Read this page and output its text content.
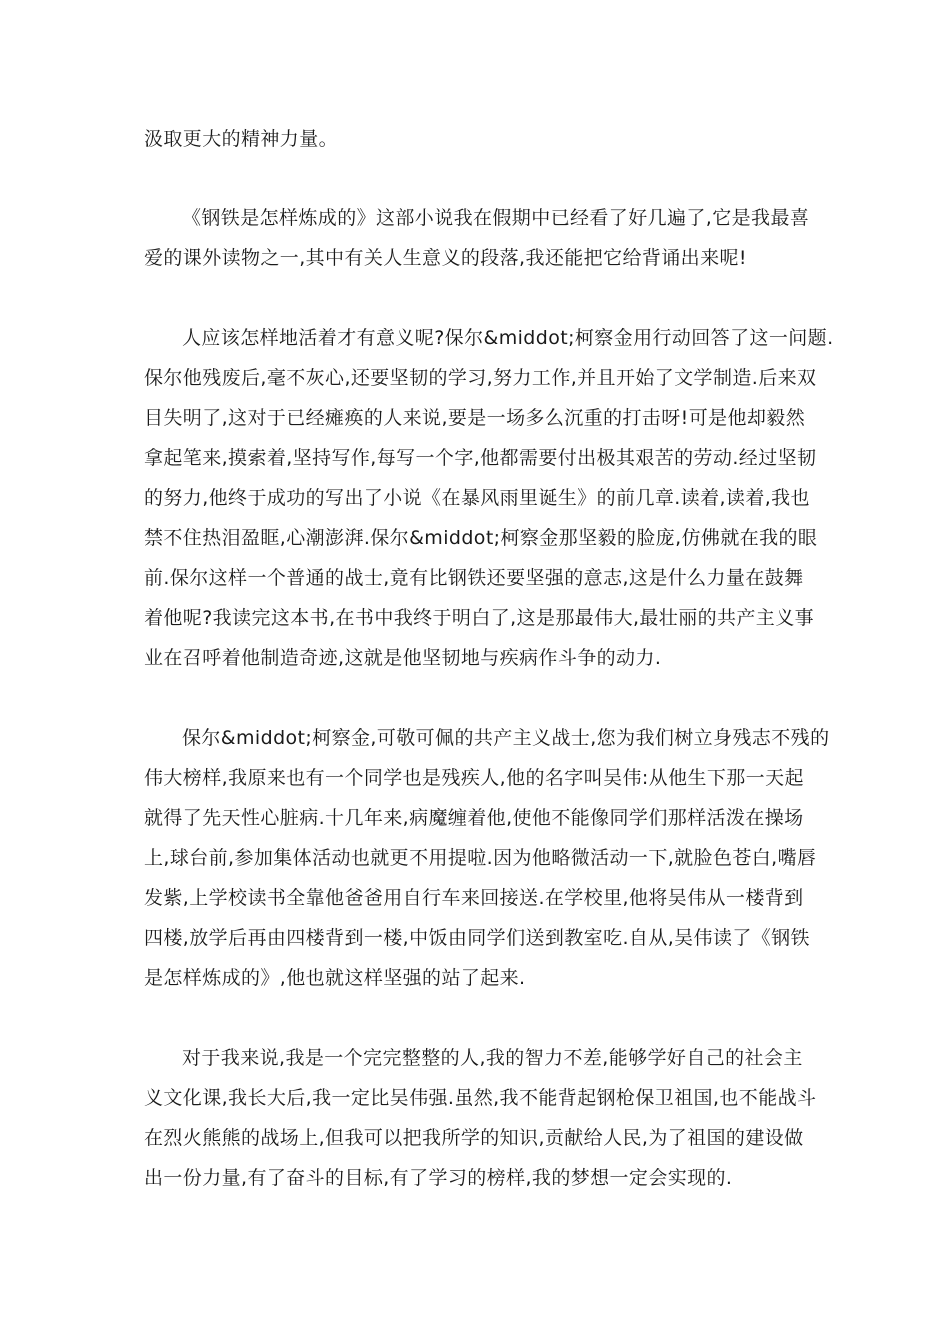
汲取更大的精神力量。
《钢铁是怎样炼成的》这部小说我在假期中已经看了好几遍了,它是我最喜
爱的课外读物之一,其中有关人生意义的段落,我还能把它给背诵出来呢!
人应该怎样地活着才有意义呢?保尔&middot;柯察金用行动回答了这一问题.
保尔他残废后,毫不灰心,还要坚韧的学习,努力工作,并且开始了文学制造.后来双
目失明了,这对于已经瘫痪的人来说,要是一场多么沉重的打击呀!可是他却毅然
拿起笔来,摸索着,坚持写作,每写一个字,他都需要付出极其艰苦的劳动.经过坚韧
的努力,他终于成功的写出了小说《在暴风雨里诞生》的前几章.读着,读着,我也
禁不住热泪盈眶,心潮澎湃.保尔&middot;柯察金那坚毅的脸庞,仿佛就在我的眼
前.保尔这样一个普通的战士,竟有比钢铁还要坚强的意志,这是什么力量在鼓舞
着他呢?我读完这本书,在书中我终于明白了,这是那最伟大,最壮丽的共产主义事
业在召呼着他制造奇迹,这就是他坚韧地与疾病作斗争的动力.
保尔&middot;柯察金,可敬可佩的共产主义战士,您为我们树立身残志不残的
伟大榜样,我原来也有一个同学也是残疾人,他的名字叫吴伟:从他生下那一天起
就得了先天性心脏病.十几年来,病魔缠着他,使他不能像同学们那样活泼在操场
上,球台前,参加集体活动也就更不用提啦.因为他略微活动一下,就脸色苍白,嘴唇
发紫,上学校读书全靠他爸爸用自行车来回接送.在学校里,他将吴伟从一楼背到
四楼,放学后再由四楼背到一楼,中饭由同学们送到教室吃.自从,吴伟读了《钢铁
是怎样炼成的》,他也就这样坚强的站了起来.
对于我来说,我是一个完完整整的人,我的智力不差,能够学好自己的社会主
义文化课,我长大后,我一定比吴伟强.虽然,我不能背起钢枪保卫祖国,也不能战斗
在烈火熊熊的战场上,但我可以把我所学的知识,贡献给人民,为了祖国的建设做
出一份力量,有了奋斗的目标,有了学习的榜样,我的梦想一定会实现的.
